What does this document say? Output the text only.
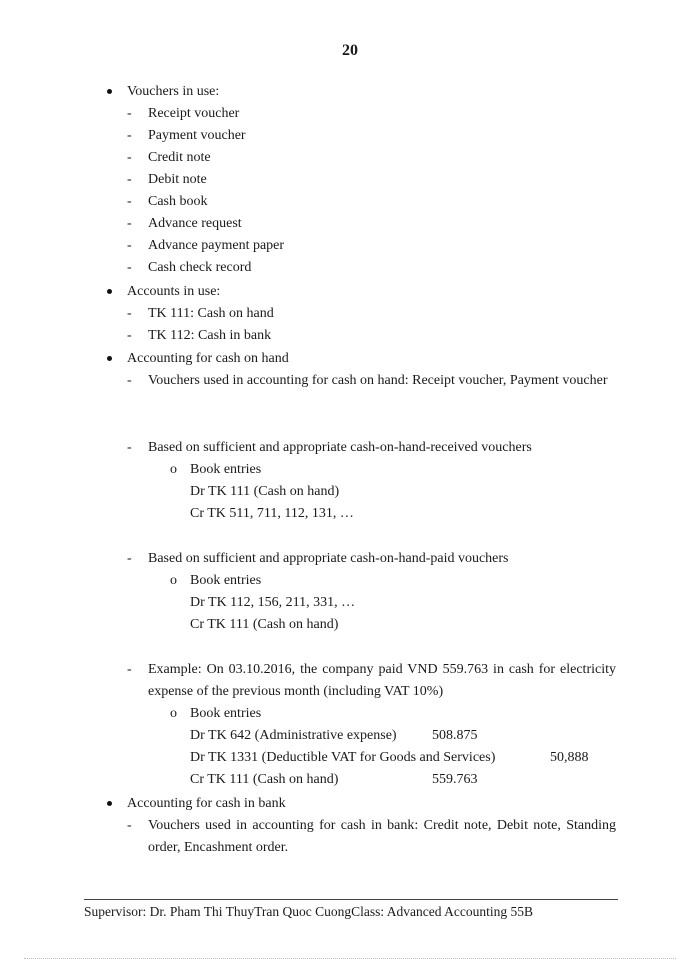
20
Vouchers in use:
- Receipt voucher
- Payment voucher
- Credit note
- Debit note
- Cash book
- Advance request
- Advance payment paper
- Cash check record
Accounts in use:
- TK 111: Cash on hand
- TK 112: Cash in bank
Accounting for cash on hand
- Vouchers used in accounting for cash on hand: Receipt voucher, Payment voucher
- Based on sufficient and appropriate cash-on-hand-received vouchers
o Book entries
Dr TK 111 (Cash on hand)
Cr TK 511, 711, 112, 131, …
- Based on sufficient and appropriate cash-on-hand-paid vouchers
o Book entries
Dr TK 112, 156, 211, 331, …
Cr TK 111 (Cash on hand)
- Example: On 03.10.2016, the company paid VND 559.763 in cash for electricity expense of the previous month (including VAT 10%)
o Book entries
Dr TK 642 (Administrative expense)	508.875
Dr TK 1331 (Deductible VAT for Goods and Services)	50,888
Cr TK 111 (Cash on hand)	559.763
Accounting for cash in bank
- Vouchers used in accounting for cash in bank: Credit note, Debit note, Standing order, Encashment order.
Supervisor: Dr. Pham Thi ThuyTran Quoc CuongClass: Advanced Accounting 55B
